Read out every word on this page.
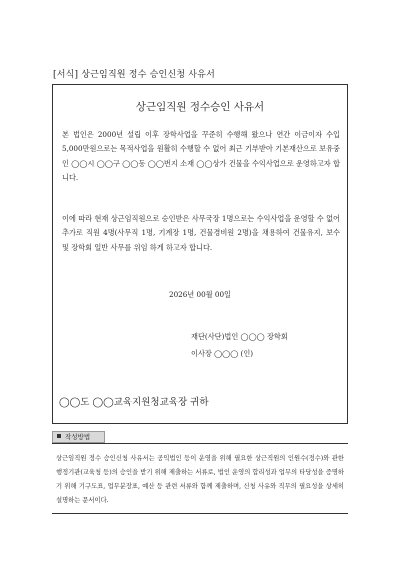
[서식] 상근임직원 정수 승인신청 사유서
상근임직원 정수승인 사유서

본 법인은 2000년 설립 이후 장학사업을 꾸준히 수행해 왔으나 연간 이금이자 수입 5,000만원으로는 목적사업을 원활히 수행할 수 없어 최근 기부받아 기본재산으로 보유중인 ◯◯시 ◯◯구 ◯◯동 ◯◯번지 소재 ◯◯상가 건물을 수익사업으로 운영하고자 합니다.

이에 따라 현재 상근임직원으로 승인받은 사무국장 1명으로는 수익사업을 운영할 수 없어 추가로 직원 4명(사무직 1명, 기계장 1명, 건물경비원 2명)을 채용하여 건물유지, 보수 및 장학회 일반 사무를 위임 하게 하고자 합니다.

2026년 00월 00일
재단(사단)법인 ◯◯◯ 장학회
이사장 ◯◯◯ (인)
◯◯도 ◯◯교육지원청교육장 귀하
작성방법

상근임직원 정수 승인신청 사유서는 공익법인 등이 운영을 위해 필요한 상근직원의 인원수(정수)와 관한 행정기관(교육청 등)의 승인을 받기 위해 제출하는 서류로, 법인 운영의 합리성과 업무의 타당성을 증명하기 위해 기구도표, 업무분장표, 예산 등 관련 서류와 함께 제출하며, 신청 사유와 직무의 필요성을 상세히 설명하는 문서이다.
